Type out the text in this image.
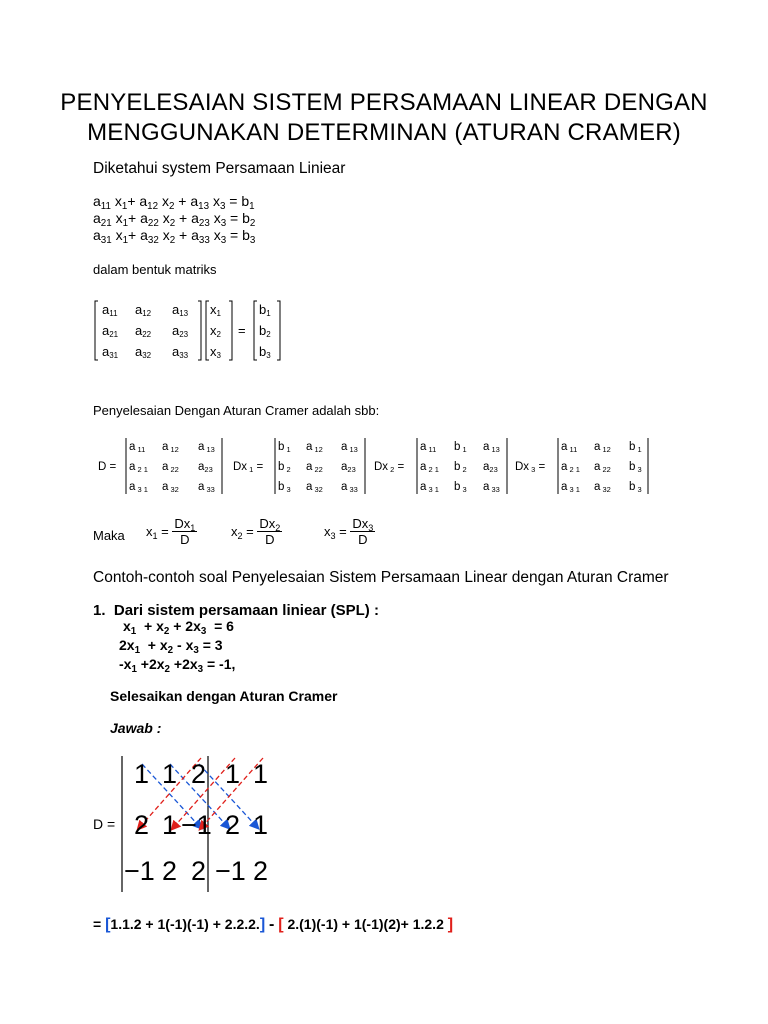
PENYELESAIAN SISTEM PERSAMAAN LINEAR DENGAN
MENGGUNAKAN DETERMINAN (ATURAN CRAMER)
Diketahui system Persamaan Liniear
$a_{11}$ $x_1+ a_{12}$ $x_2 + a_{13}$ $x_3 = b_1$
$a_{21}$ $x_1+ a_{22}$ $x_2 + a_{23}$ $x_3 = b_2$
$a_{31}$ $x_1+ a_{32}$ $x_2 + a_{33}$ $x_3 = b_3$
dalam bentuk matriks
a11 a12 a13
a21 a22 a23
a31 a32 a33
x1
x2
x3
=
b1
b2
b3
Penyelesaian Dengan Aturan Cramer adalah sbb:
D =
a 11 a 12 a 13
a 2 1 a 22 a23
a 3 1 a 32 a 33
Dx 1 =
b 1 a 12 a 13
b 2 a 22 a23
b 3 a 32 a 33
Dx 2 =
a 11 b 1 a 13
a 2 1 b 2 a23
a 3 1 b 3 a 33
Dx 3 =
a 11 a 12 b 1
a 2 1 a 22 b 3
a 3 1 a 32 b 3
Maka $x_1 = \frac{Dx_1}{D}$	$x_2 = \frac{Dx_2}{D}$	$x_3 = \frac{Dx_3}{D}$
Contoh-contoh soal Penyelesaian Sistem Persamaan Linear dengan Aturan Cramer
1. Dari sistem persamaan liniear (SPL) :
$x_1 + x_2 + 2x_3 = 6$
$2x_1 + x_2 - x_3 = 3$
$-x_1 +2x_2 +2x_3 = -1$,
Selesaikan dengan Aturan Cramer
Jawab :
D =
1 1 2 1 1
2 1 −1 2 1
−1 2 2 −1 2
= [1.1.2 + 1(-1)(-1) + 2.2.2.] - [ 2.(1)(-1) + 1(-1)(2)+ 1.2.2 ]
